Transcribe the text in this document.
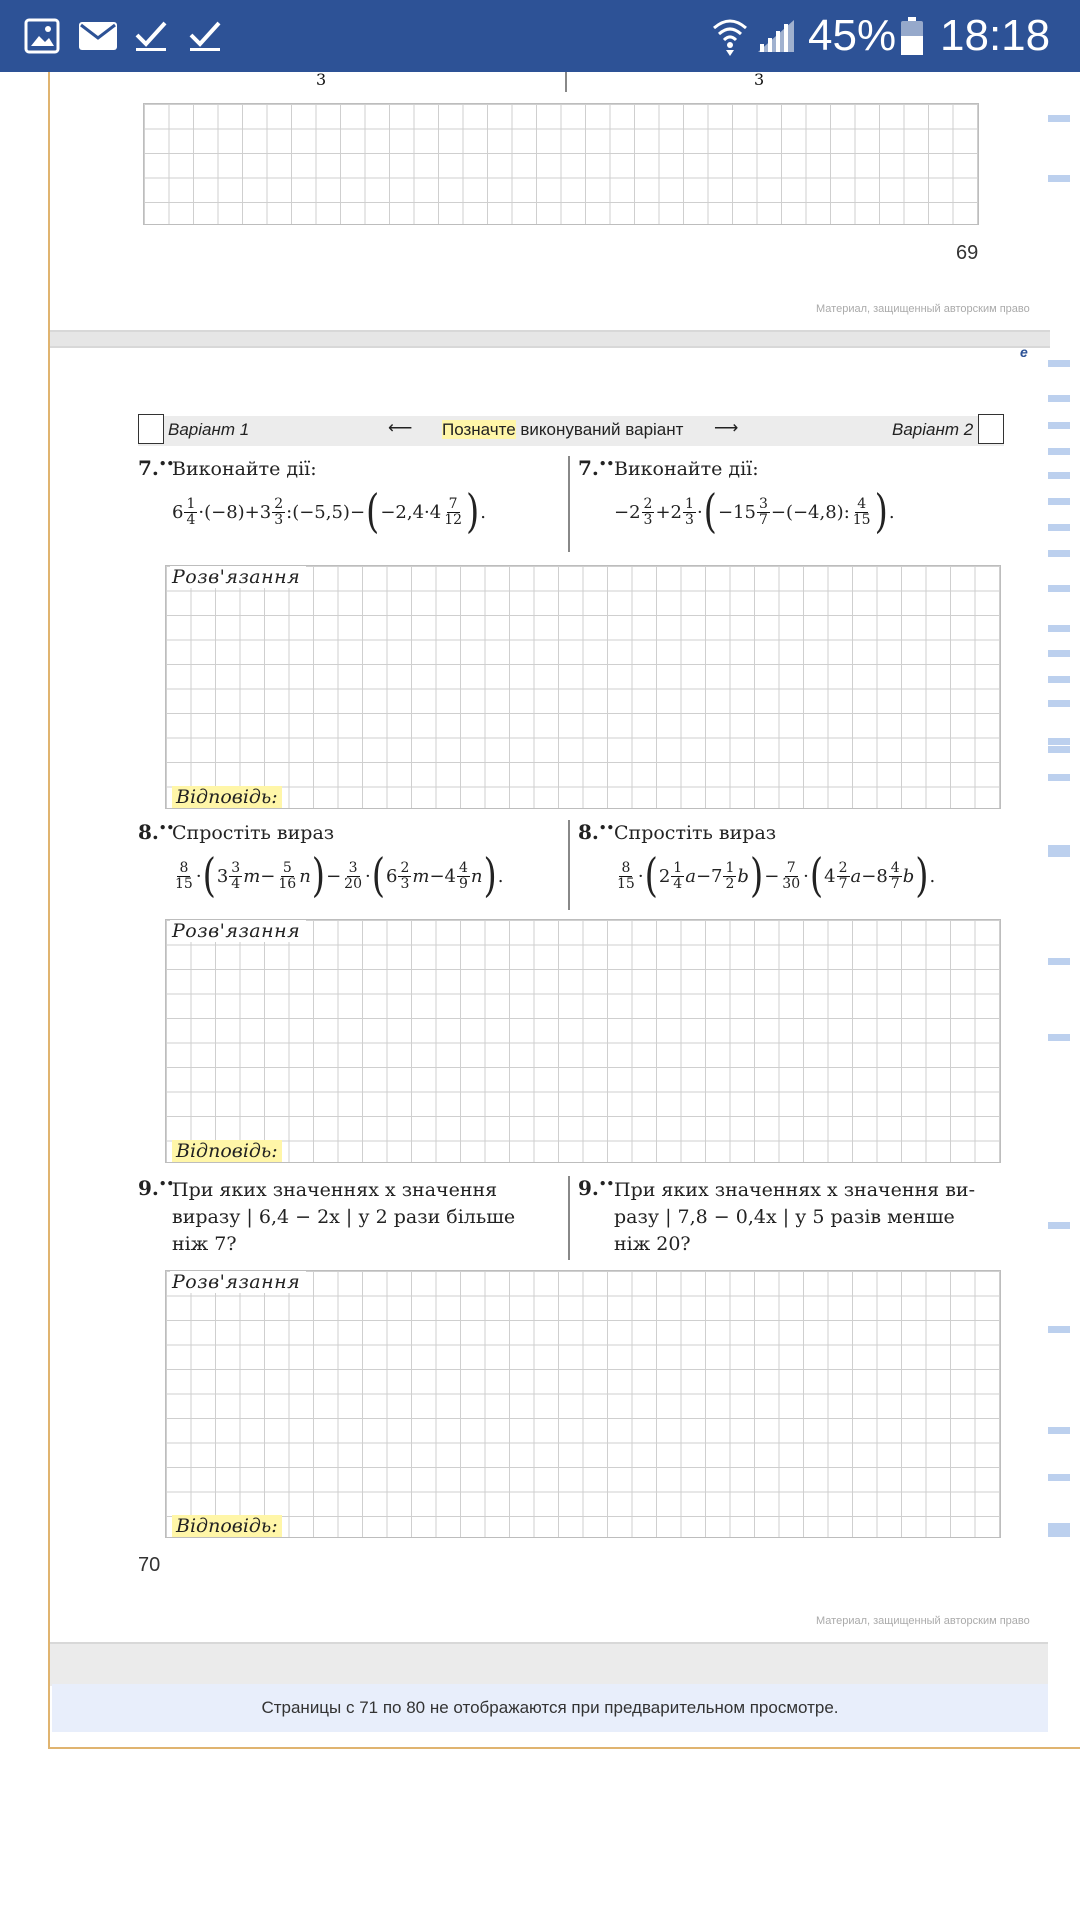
45% 18:18
3	3
69
Материал, защищенный авторским право
e
Варіант 1	⟵ Позначте виконуваний варіант ⟶	Варіант 2
7.••
Виконайте дії:	7.•• Виконайте дії:
$6 \frac{1}{4} \cdot(-8)+3 \frac{2}{3}$ :(−5,5)− ( $-2,4\cdot 4 \frac{7}{12}$ ) .	$-2 \frac{2}{3} +2 \frac{1}{3}$ · ( $-15 \frac{3}{7} -(-4,8)$: $\frac{4}{15}$ ) .
Розв'язання
Відповідь:
8.••
Спростіть вираз	8.•• Спростіть вираз
$\frac{8}{15}$ · ( $3 \frac{3}{4}$ $m - \frac{5}{16}$ n ) − $\frac{3}{20}$ · ( $6 \frac{2}{3}$ $m -4 \frac{4}{9}$ n ) .	$\frac{8}{15}$ · ( $2 \frac{1}{4}$ $a -7 \frac{1}{2}$ b ) − $\frac{7}{30}$ · ( $4 \frac{2}{7}$ $a -8 \frac{4}{7}$ b ) .
Розв'язання
Відповідь:
9.••
При яких значеннях x значення
виразу | 6,4 − 2x | у 2 рази більше
ніж 7?
9.•• При яких значеннях x значення ви-
разу | 7,8 − 0,4x | у 5 разів менше
ніж 20?
Розв'язання
Відповідь:
70
Материал, защищенный авторским право
Страницы с 71 по 80 не отображаются при предварительном просмотре.
